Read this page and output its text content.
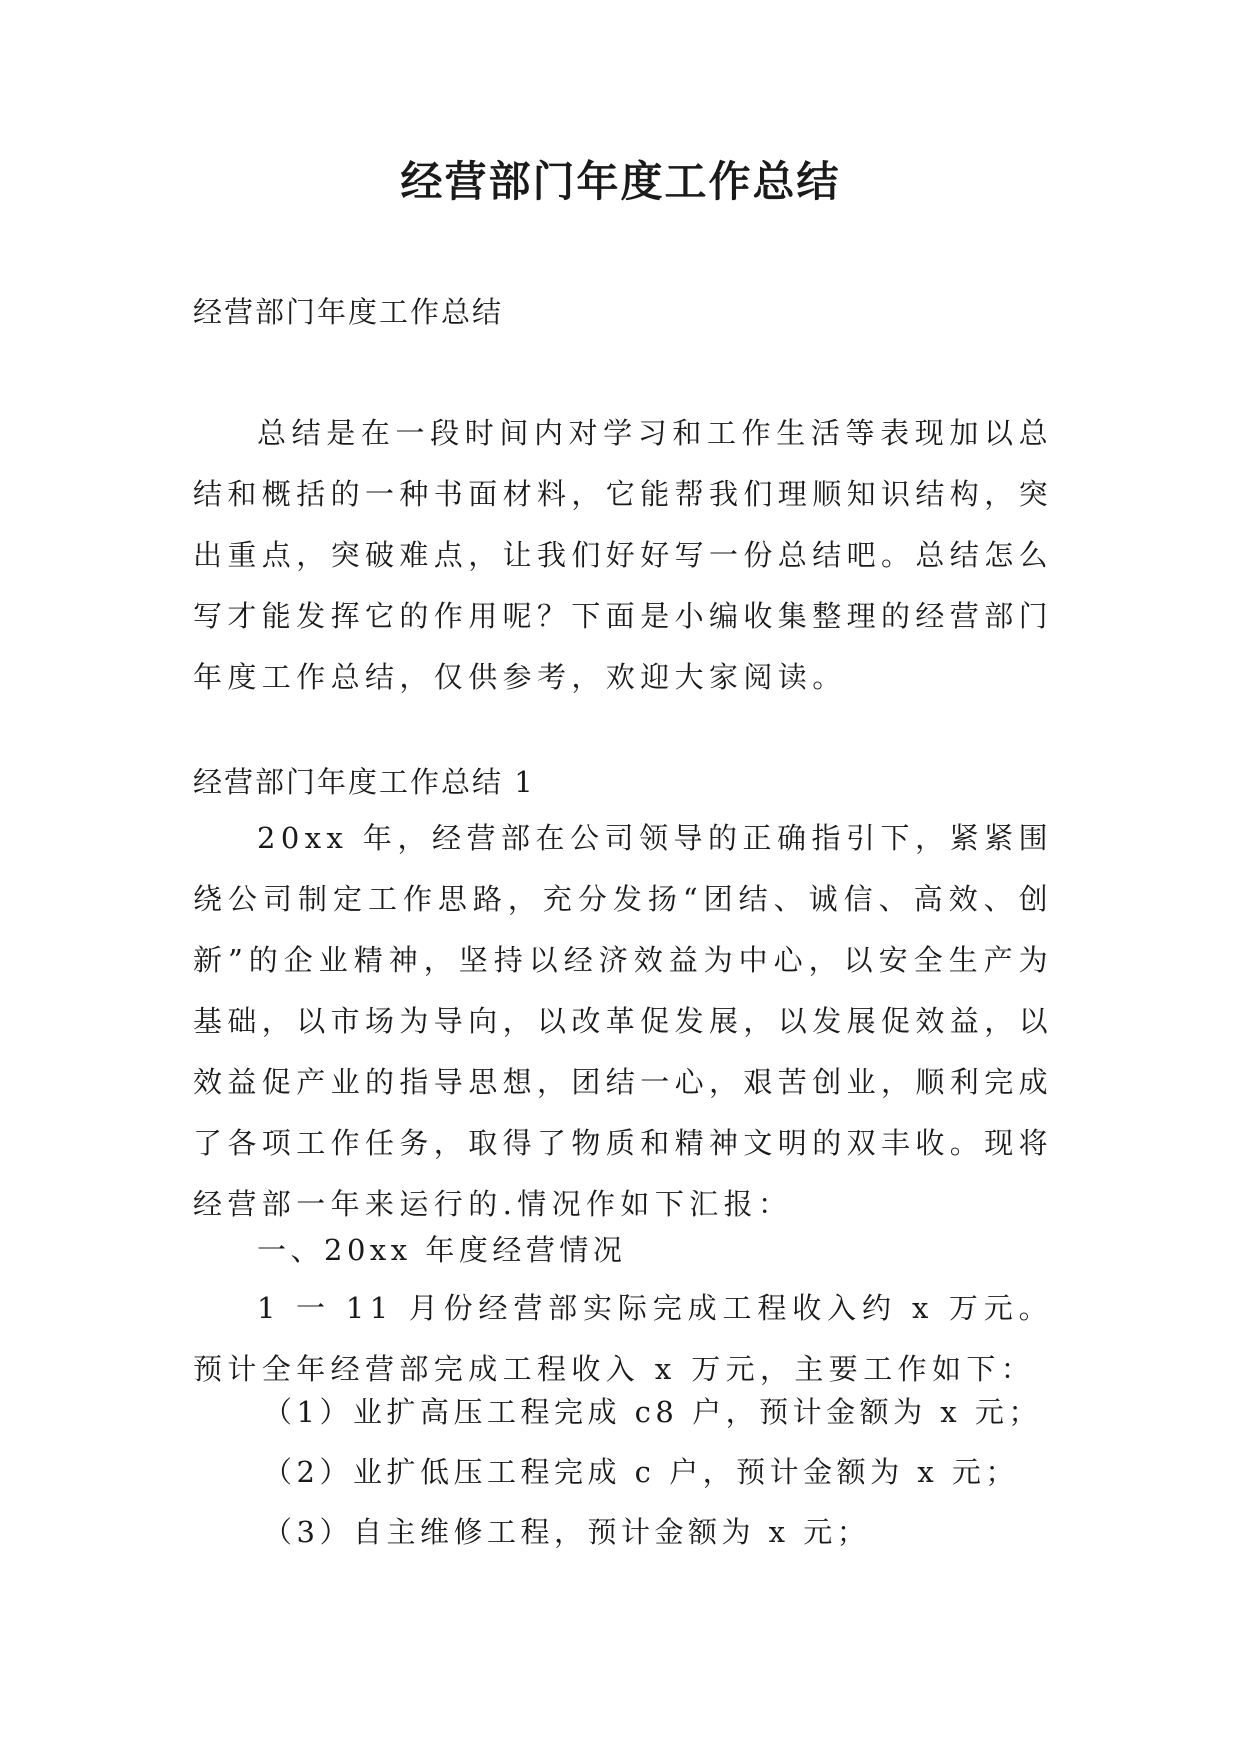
经营部门年度工作总结

经营部门年度工作总结

总结是在一段时间内对学习和工作生活等表现加以总结和概括的一种书面材料，它能帮我们理顺知识结构，突出重点，突破难点，让我们好好写一份总结吧。总结怎么写才能发挥它的作用呢？下面是小编收集整理的经营部门年度工作总结，仅供参考，欢迎大家阅读。

经营部门年度工作总结 1

20xx 年，经营部在公司领导的正确指引下，紧紧围绕公司制定工作思路，充分发扬“团结、诚信、高效、创新”的企业精神，坚持以经济效益为中心，以安全生产为基础，以市场为导向，以改革促发展，以发展促效益，以效益促产业的指导思想，团结一心，艰苦创业，顺利完成了各项工作任务，取得了物质和精神文明的双丰收。现将经营部一年来运行的.情况作如下汇报：

一、20xx 年度经营情况

1 一 11 月份经营部实际完成工程收入约 x 万元。预计全年经营部完成工程收入 x 万元，主要工作如下：

（1）业扩高压工程完成 c8 户，预计金额为 x 元；

（2）业扩低压工程完成 c 户，预计金额为 x 元；

（3）自主维修工程，预计金额为 x 元；
